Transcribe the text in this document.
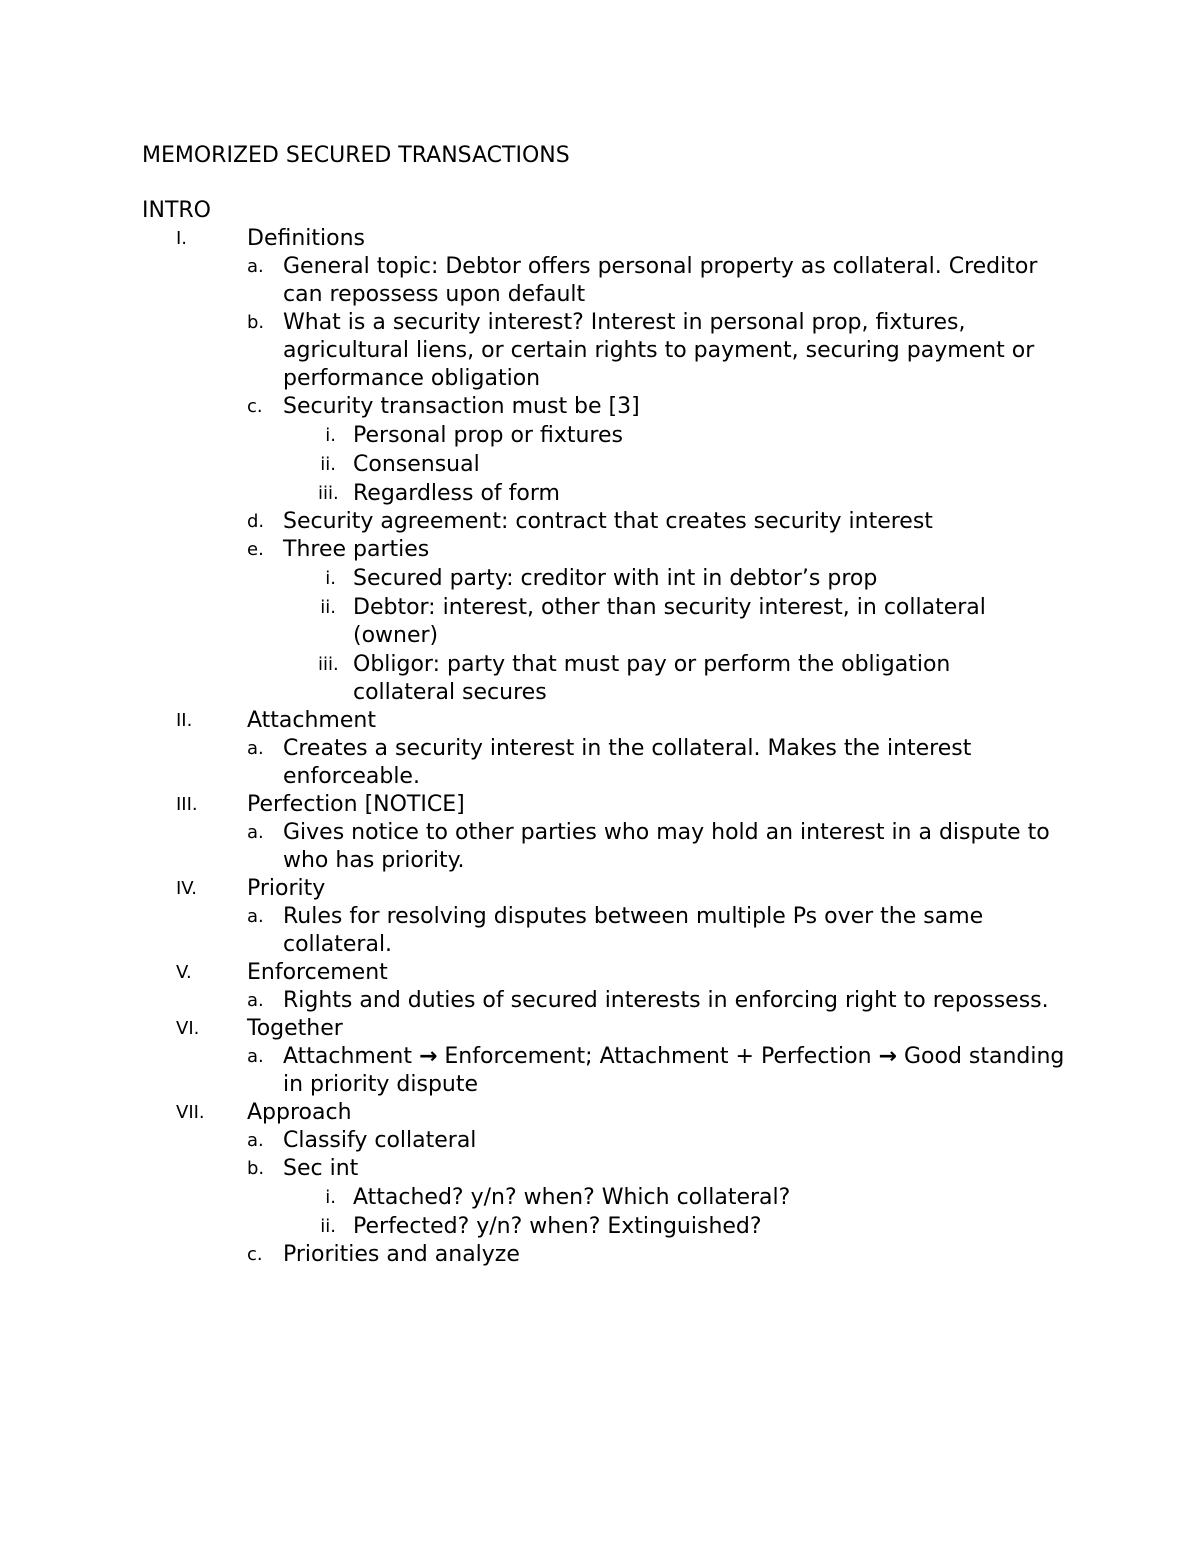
MEMORIZED SECURED TRANSACTIONS
INTRO
I.	Definitions
a. General topic: Debtor offers personal property as collateral. Creditor can repossess upon default
b. What is a security interest? Interest in personal prop, fixtures, agricultural liens, or certain rights to payment, securing payment or performance obligation
c. Security transaction must be [3]
i. Personal prop or fixtures
ii. Consensual
iii. Regardless of form
d. Security agreement: contract that creates security interest
e. Three parties
i. Secured party: creditor with int in debtor’s prop
ii. Debtor: interest, other than security interest, in collateral (owner)
iii. Obligor: party that must pay or perform the obligation collateral secures
II. Attachment
a. Creates a security interest in the collateral. Makes the interest enforceable.
III. Perfection [NOTICE]
a. Gives notice to other parties who may hold an interest in a dispute to who has priority.
IV. Priority
a. Rules for resolving disputes between multiple Ps over the same collateral.
V.	Enforcement
a. Rights and duties of secured interests in enforcing right to repossess.
VI. Together
a. Attachment → Enforcement; Attachment + Perfection → Good standing in priority dispute
VII. Approach
a. Classify collateral
b. Sec int
i. Attached? y/n? when? Which collateral?
ii. Perfected? y/n? when? Extinguished?
c. Priorities and analyze
